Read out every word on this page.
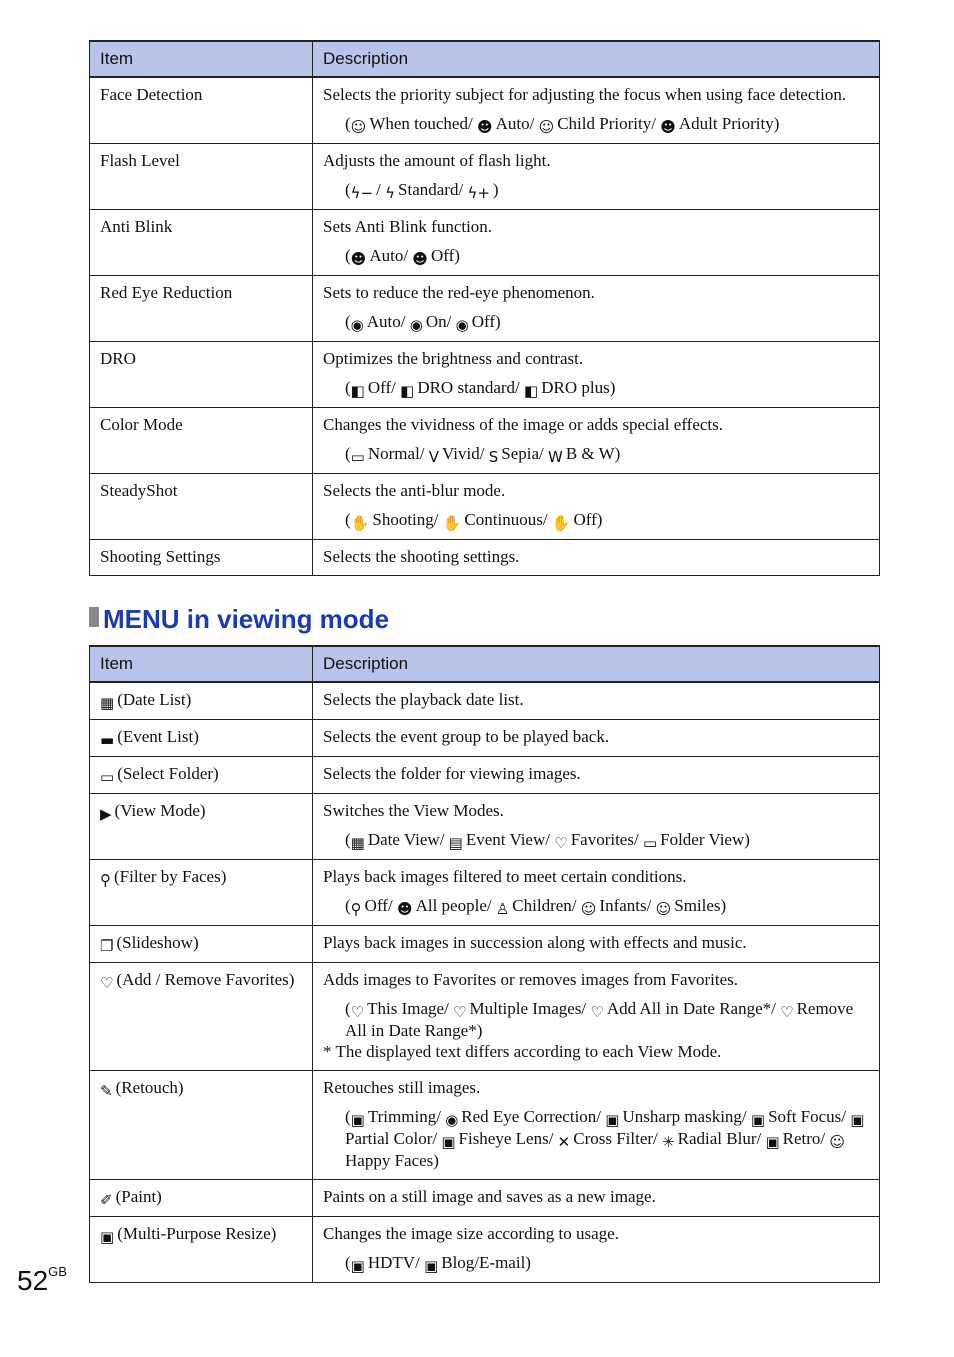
Item	Description
Face Detection	Selects the priority subject for adjusting the focus when using face detection.
(☺ When touched/ ☻ Auto/ ☺ Child Priority/ ☻ Adult Priority)

Flash Level	Adjusts the amount of flash light.
(ϟ− / ϟ Standard/ ϟ+ )

Anti Blink	Sets Anti Blink function.
(☻ Auto/ ☻ Off)

Red Eye Reduction	Sets to reduce the red-eye phenomenon.
(◉ Auto/ ◉ On/ ◉ Off)

DRO	Optimizes the brightness and contrast.
(◧ Off/ ◧ DRO standard/ ◧ DRO plus)

Color Mode	Changes the vividness of the image or adds special effects.
(▭ Normal/ V Vivid/ S Sepia/ W B & W)

SteadyShot	Selects the anti-blur mode.
(✋ Shooting/ ✋ Continuous/ ✋ Off)

Shooting Settings	Selects the shooting settings.
MENU in viewing mode
Item	Description
▦ (Date List)	Selects the playback date list.

▬ (Event List)	Selects the event group to be played back.

▭ (Select Folder)	Selects the folder for viewing images.

▶ (View Mode)	Switches the View Modes.
(▦ Date View/ ▤ Event View/ ♡ Favorites/ ▭ Folder View)

⚲ (Filter by Faces)	Plays back images filtered to meet certain conditions.
(⚲ Off/ ☻ All people/ ♙ Children/ ☺ Infants/ ☺ Smiles)

❐ (Slideshow)	Plays back images in succession along with effects and music.

♡ (Add / Remove Favorites)	Adds images to Favorites or removes images from Favorites.
(♡ This Image/ ♡ Multiple Images/ ♡ Add All in Date Range*/ ♡ Remove All in Date Range*)
* The displayed text differs according to each View Mode.

✎ (Retouch)	Retouches still images.
(▣ Trimming/ ◉ Red Eye Correction/ ▣ Unsharp masking/ ▣ Soft Focus/ ▣Partial Color/ ▣ Fisheye Lens/ ✕ Cross Filter/ ✳ Radial Blur/ ▣ Retro/ ☺Happy Faces)

✐ (Paint)	Paints on a still image and saves as a new image.

▣ (Multi-Purpose Resize)	Changes the image size according to usage.
(▣ HDTV/ ▣ Blog/E-mail)
$52^{GB}$
